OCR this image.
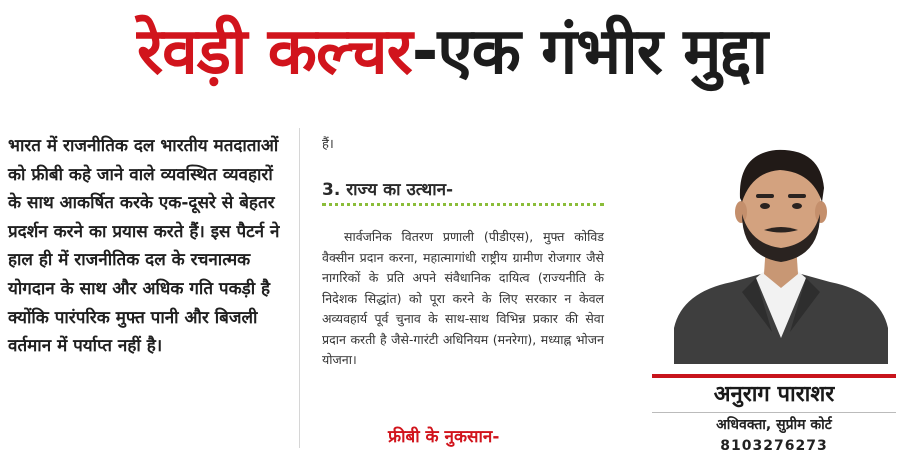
रेवड़ी कल्चर-एक गंभीर मुद्दा
भारत में राजनीतिक दल भारतीय मतदाताओं को फ्रीबी कहे जाने वाले व्यवस्थित व्यवहारों के साथ आकर्षित करके एक-दूसरे से बेहतर प्रदर्शन करने का प्रयास करते हैं। इस पैटर्न ने हाल ही में राजनीतिक दल के रचनात्मक योगदान के साथ और अधिक गति पकड़ी है क्योंकि पारंपरिक मुफ्त पानी और बिजली वर्तमान में पर्याप्त नहीं है।
हैं।
3. राज्य का उत्थान-
सार्वजनिक वितरण प्रणाली (पीडीएस), मुफ्त कोविड वैक्सीन प्रदान करना, महात्मागांधी राष्ट्रीय ग्रामीण रोजगार जैसे नागरिकों के प्रति अपने संवैधानिक दायित्व (राज्यनीति के निदेशक सिद्धांत) को पूरा करने के लिए सरकार न केवल अव्यवहार्य पूर्व चुनाव के साथ-साथ विभिन्न प्रकार की सेवा प्रदान करती है जैसे-गारंटी अधिनियम (मनरेगा), मध्याह्न भोजन योजना।
फ्रीबी के नुकसान-
अनुराग पाराशर
अधिवक्ता, सुप्रीम कोर्ट
8103276273
